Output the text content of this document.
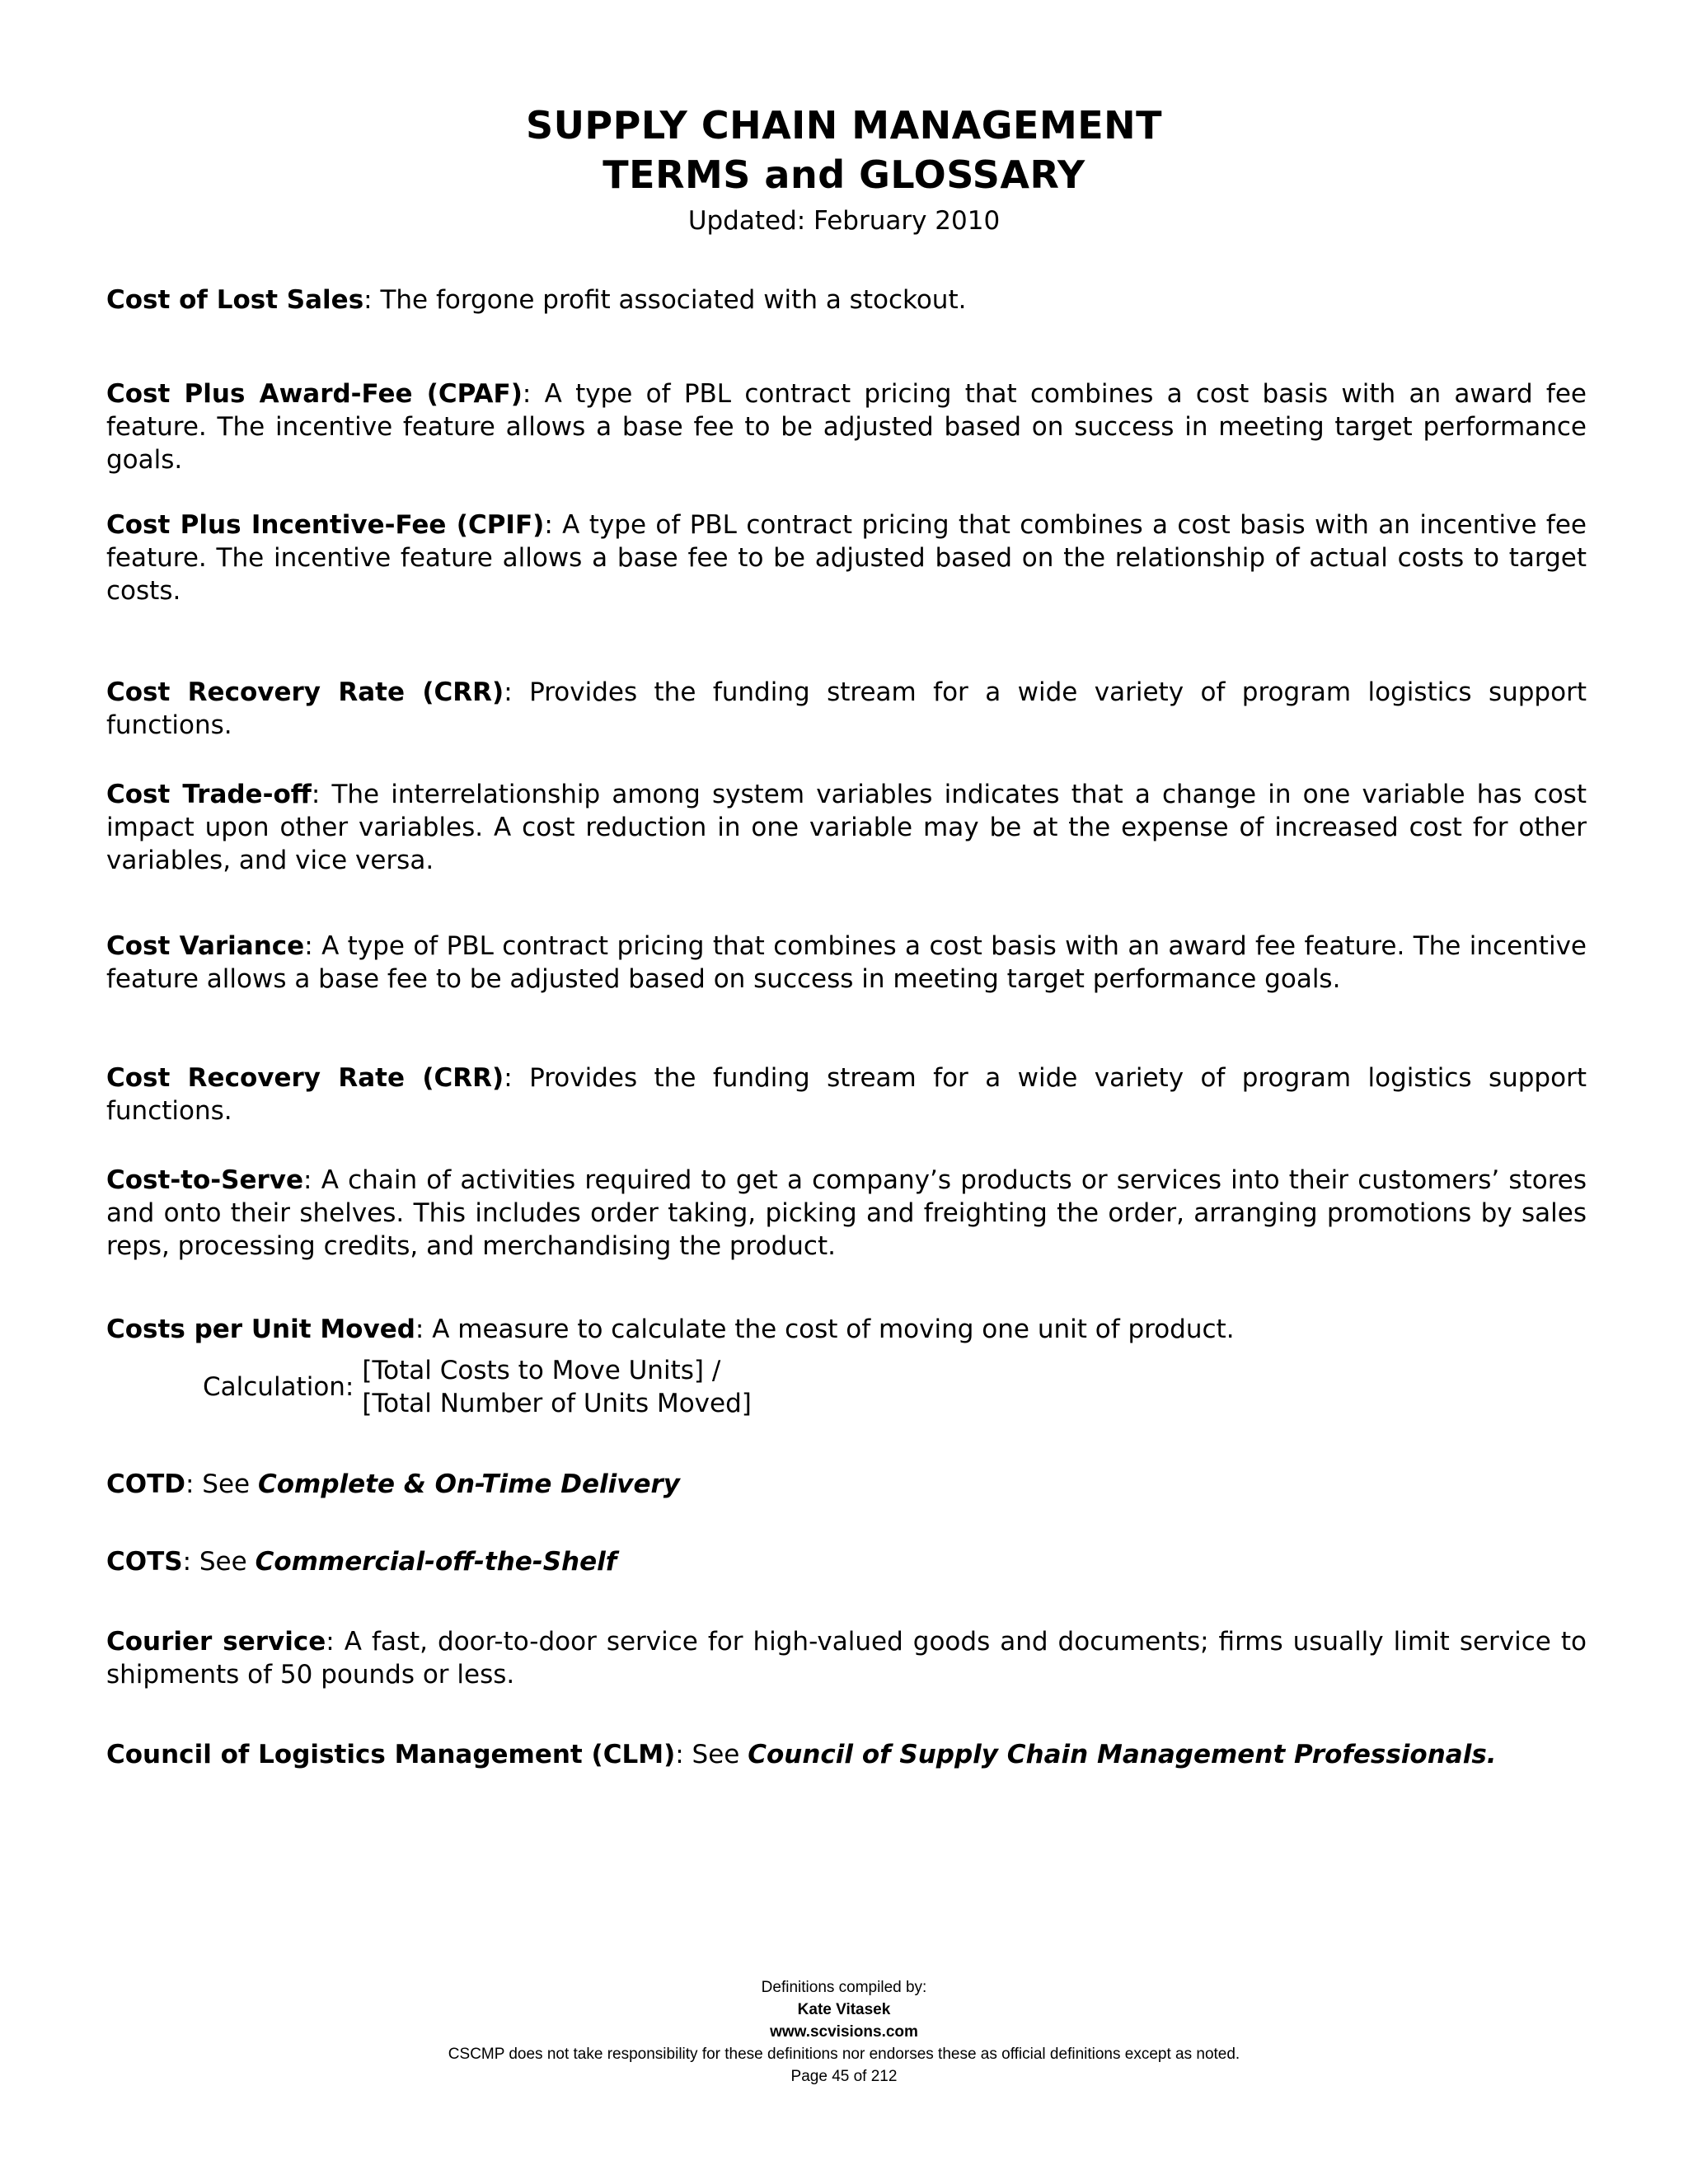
SUPPLY CHAIN MANAGEMENT
TERMS and GLOSSARY
Updated: February 2010
Cost of Lost Sales: The forgone profit associated with a stockout.
Cost Plus Award-Fee (CPAF): A type of PBL contract pricing that combines a cost basis with an award fee feature. The incentive feature allows a base fee to be adjusted based on success in meeting target performance goals.
Cost Plus Incentive-Fee (CPIF): A type of PBL contract pricing that combines a cost basis with an incentive fee feature. The incentive feature allows a base fee to be adjusted based on the relationship of actual costs to target costs.
Cost Recovery Rate (CRR): Provides the funding stream for a wide variety of program logistics support functions.
Cost Trade-off: The interrelationship among system variables indicates that a change in one variable has cost impact upon other variables. A cost reduction in one variable may be at the expense of increased cost for other variables, and vice versa.
Cost Variance: A type of PBL contract pricing that combines a cost basis with an award fee feature. The incentive feature allows a base fee to be adjusted based on success in meeting target performance goals.
Cost Recovery Rate (CRR): Provides the funding stream for a wide variety of program logistics support functions.
Cost-to-Serve: A chain of activities required to get a company’s products or services into their customers’ stores and onto their shelves. This includes order taking, picking and freighting the order, arranging promotions by sales reps, processing credits, and merchandising the product.
Costs per Unit Moved: A measure to calculate the cost of moving one unit of product.
Calculation:
[Total Costs to Move Units] /
[Total Number of Units Moved]
COTD: See Complete & On-Time Delivery
COTS: See Commercial-off-the-Shelf
Courier service: A fast, door-to-door service for high-valued goods and documents; firms usually limit service to shipments of 50 pounds or less.
Council of Logistics Management (CLM): See Council of Supply Chain Management Professionals.
Definitions compiled by:
Kate Vitasek
www.scvisions.com
CSCMP does not take responsibility for these definitions nor endorses these as official definitions except as noted.
Page 45 of 212
